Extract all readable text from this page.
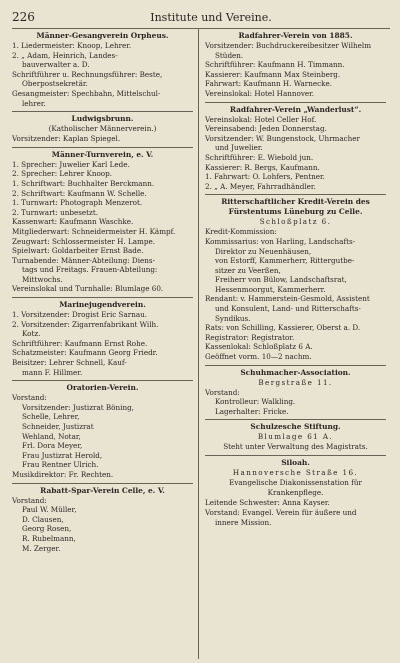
226	Institute und Vereine.
Männer-Gesangverein Orpheus.
1. Liedermeister: Knoop, Lehrer.
2. „ Adam, Heinrich, Landes-
bauverwalter a. D.
Schriftführer u. Rechnungsführer: Beste,
Oberpostsekretär.
Gesangmeister: Spechbahn, Mittelschul-
lehrer.
Ludwigsbrunn.
(Katholischer Männerverein.)
Vorsitzender: Kaplan Spiegel.
Männer-Turnverein, e. V.
1. Sprecher: Juwelier Karl Lede.
2. Sprecher: Lehrer Knoop.
1. Schriftwart: Buchhalter Berckmann.
2. Schriftwart: Kaufmann W. Schelle.
1. Turnwart: Photograph Menzerot.
2. Turnwart: unbesetzt.
Kassenwart: Kaufmann Waschke.
Mitgliederwart: Schneidermeister H. Kämpf.
Zeugwart: Schlossermeister H. Lampe.
Spielwart: Goldarbeiter Ernst Bade.
Turnabende: Männer-Abteilung: Diens-
tags und Freitags. Frauen-Abteilung:
Mittwochs.
Vereinslokal und Turnhalle: Blumlage 60.
Marinejugendverein.
1. Vorsitzender: Drogist Eric Sarnau.
2. Vorsitzender: Zigarrenfabrikant Wilh.
Kotz.
Schriftführer: Kaufmann Ernst Rohe.
Schatzmeister: Kaufmann Georg Friedr.
Beisitzer: Lehrer Schnell, Kauf-
mann F. Hillmer.
Oratorien-Verein.
Vorstand:
Vorsitzender: Justizrat Böning,
Schelle, Lehrer,
Schneider, Justizrat
Wehland, Notar,
Frl. Dora Meyer,
Frau Justizrat Herold,
Frau Rentner Ulrich.
Musikdirektor: Fr. Rechten.
Rabatt-Spar-Verein Celle, e. V.
Vorstand:
Paul W. Müller,
D. Clausen,
Georg Rosen,
R. Rubelmann,
M. Zerger.
Radfahrer-Verein von 1885.
Vorsitzender: Buchdruckereibesitzer Wilhelm
Stüden.
Schriftführer: Kaufmann H. Timmann.
Kassierer: Kaufmann Max Steinberg.
Fahrwart: Kaufmann H. Warnecke.
Vereinslokal: Hotel Hannover.
Radfahrer-Verein „Wanderlust“.
Vereinslokal: Hotel Celler Hof.
Vereinsabend: Jeden Donnerstag.
Vorsitzender: W. Bungenstock, Uhrmacher
und Juwelier.
Schriftführer: E. Wiebold jun.
Kassierer: R. Bergs, Kaufmann.
1. Fahrwart: O. Lohfers, Pentner.
2. „ A. Meyer, Fahrradhändler.
Ritterschaftlicher Kredit-Verein des Fürstentums Lüneburg zu Celle.
Schloßplatz 6.
Kredit-Kommission:
Kommissarius: von Harling, Landschafts-
Direktor zu Neuenhäusen,
von Estorff, Kammerherr, Rittergutbe-
sitzer zu Veerßen,
Freiherr von Bülow, Landschaftsrat,
Hessenmoorgut, Kammerherr.
Rendant: v. Hammerstein-Gesmold, Assistent
und Konsulent, Land- und Ritterschafts-
Syndikus.
Rats: von Schilling, Kassierer, Oberst a. D.
Registrator: Registrator.
Kassenlokal: Schloßplatz 6 A.
Geöffnet vorm. 10—2 nachm.
Schuhmacher-Association.
Bergstraße 11.
Vorstand:
Kontrolleur: Walkling.
Lagerhalter: Fricke.
Schulzesche Stiftung.
Blumlage 61 A.
Steht unter Verwaltung des Magistrats.
Siloah.
Hannoversche Straße 16.
Evangelische Diakonissenstation für
Krankenpflege.
Leitende Schwester: Anna Kayser.
Vorstand: Evangel. Verein für äußere und
innere Mission.
